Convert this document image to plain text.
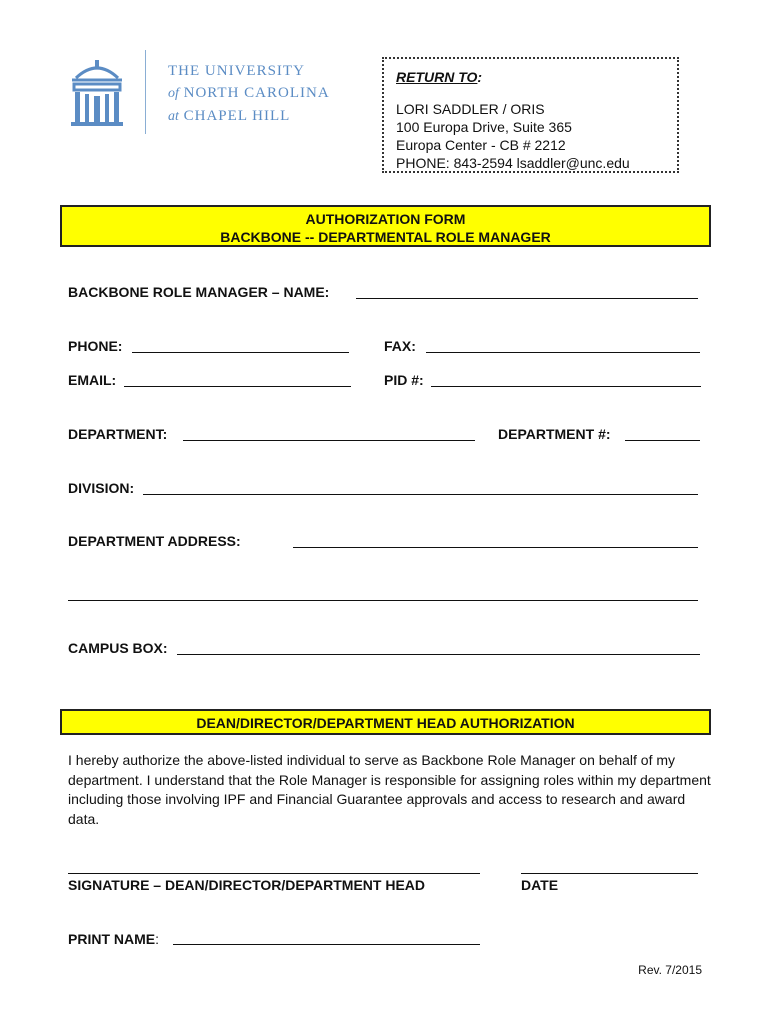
THE UNIVERSITY
of NORTH CAROLINA
at CHAPEL HILL
RETURN TO:
LORI SADDLER / ORIS
100 Europa Drive, Suite 365
Europa Center - CB # 2212
PHONE: 843-2594 lsaddler@unc.edu
AUTHORIZATION FORM
BACKBONE -- DEPARTMENTAL ROLE MANAGER
BACKBONE ROLE MANAGER – NAME:
PHONE:	FAX:
EMAIL:	PID #:
DEPARTMENT:	DEPARTMENT #:
DIVISION:
DEPARTMENT ADDRESS:
CAMPUS BOX:
DEAN/DIRECTOR/DEPARTMENT HEAD AUTHORIZATION
I hereby authorize the above-listed individual to serve as Backbone Role Manager on behalf of my department. I understand that the Role Manager is responsible for assigning roles within my department including those involving IPF and Financial Guarantee approvals and access to research and award data.
SIGNATURE – DEAN/DIRECTOR/DEPARTMENT HEAD	DATE
PRINT NAME:
Rev. 7/2015
